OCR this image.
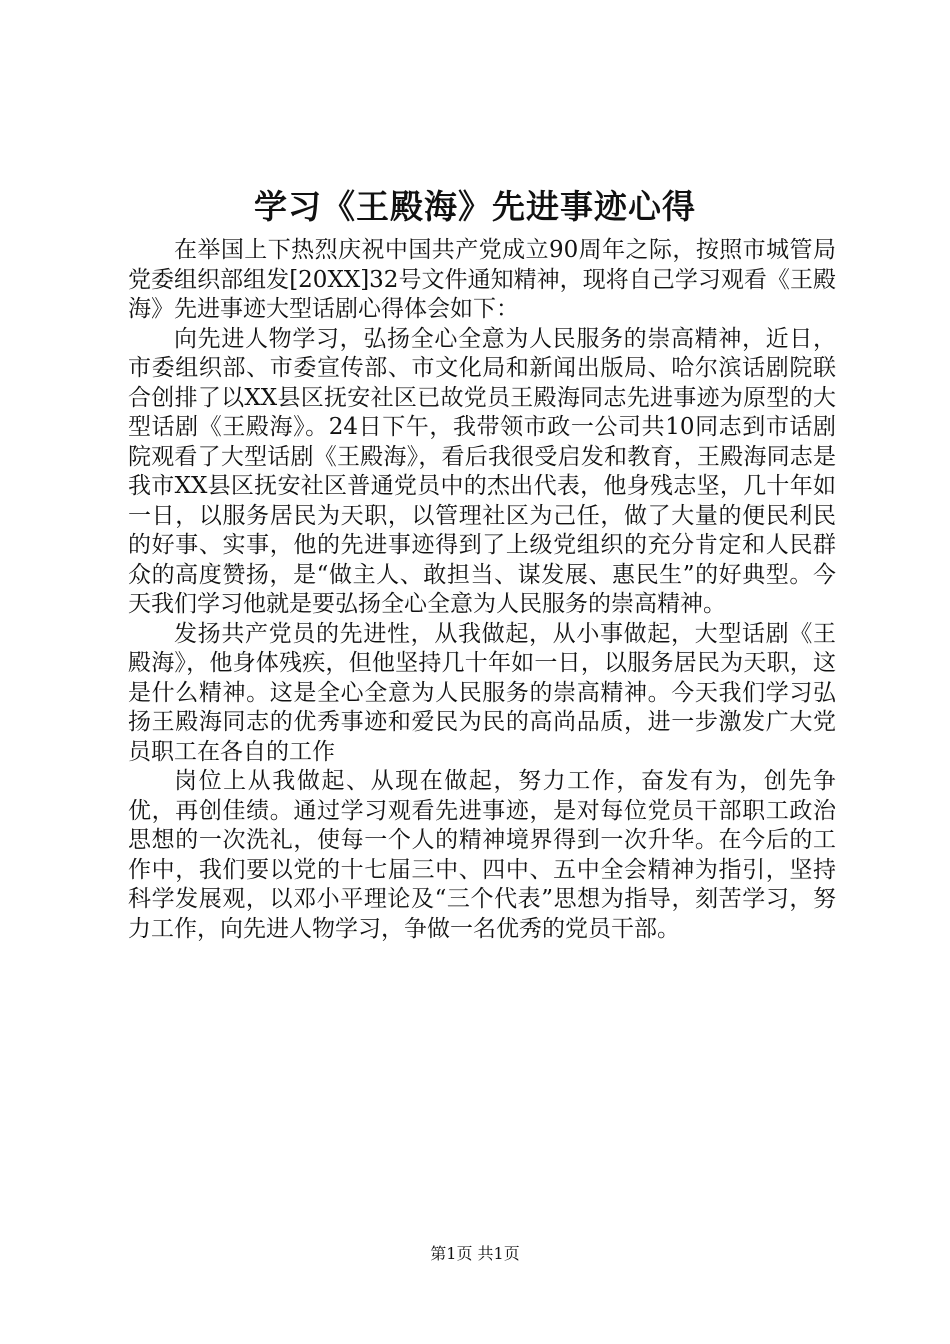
学习《王殿海》先进事迹心得

在举国上下热烈庆祝中国共产党成立90周年之际，按照市城管局党委组织部组发[20XX]32号文件通知精神，现将自己学习观看《王殿海》先进事迹大型话剧心得体会如下：

向先进人物学习，弘扬全心全意为人民服务的崇高精神，近日，市委组织部、市委宣传部、市文化局和新闻出版局、哈尔滨话剧院联合创排了以XX县区抚安社区已故党员王殿海同志先进事迹为原型的大型话剧《王殿海》。24日下午，我带领市政一公司共10同志到市话剧院观看了大型话剧《王殿海》，看后我很受启发和教育，王殿海同志是我市XX县区抚安社区普通党员中的杰出代表，他身残志坚，几十年如一日，以服务居民为天职，以管理社区为己任，做了大量的便民利民的好事、实事，他的先进事迹得到了上级党组织的充分肯定和人民群众的高度赞扬，是“做主人、敢担当、谋发展、惠民生”的好典型。今天我们学习他就是要弘扬全心全意为人民服务的崇高精神。

发扬共产党员的先进性，从我做起，从小事做起，大型话剧《王殿海》，他身体残疾，但他坚持几十年如一日，以服务居民为天职，这是什么精神。这是全心全意为人民服务的崇高精神。今天我们学习弘扬王殿海同志的优秀事迹和爱民为民的高尚品质，进一步激发广大党员职工在各自的工作

岗位上从我做起、从现在做起，努力工作，奋发有为，创先争优，再创佳绩。通过学习观看先进事迹，是对每位党员干部职工政治思想的一次洗礼，使每一个人的精神境界得到一次升华。在今后的工作中，我们要以党的十七届三中、四中、五中全会精神为指引，坚持科学发展观，以邓小平理论及“三个代表”思想为指导，刻苦学习，努力工作，向先进人物学习，争做一名优秀的党员干部。

第1页 共1页
